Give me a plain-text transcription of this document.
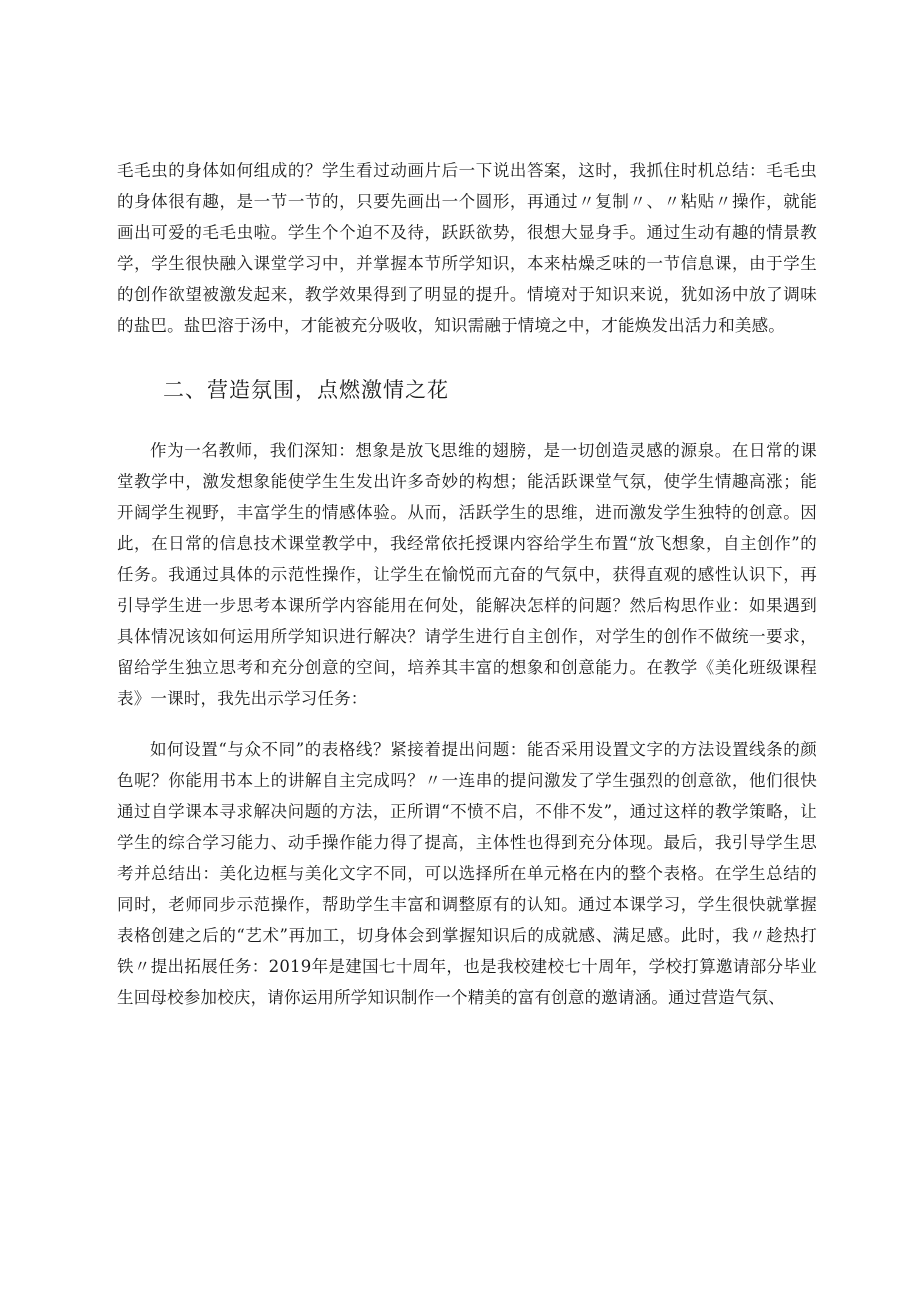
毛毛虫的身体如何组成的？学生看过动画片后一下说出答案，这时，我抓住时机总结：毛毛虫的身体很有趣，是一节一节的，只要先画出一个圆形，再通过〃复制〃、〃粘贴〃操作，就能画出可爱的毛毛虫啦。学生个个迫不及待，跃跃欲势，很想大显身手。通过生动有趣的情景教学，学生很快融入课堂学习中，并掌握本节所学知识，本来枯燥乏味的一节信息课，由于学生的创作欲望被激发起来，教学效果得到了明显的提升。情境对于知识来说，犹如汤中放了调味的盐巴。盐巴溶于汤中，才能被充分吸收，知识需融于情境之中，才能焕发出活力和美感。

二、营造氛围，点燃激情之花

作为一名教师，我们深知：想象是放飞思维的翅膀，是一切创造灵感的源泉。在日常的课堂教学中，激发想象能使学生生发出许多奇妙的构想；能活跃课堂气氛，使学生情趣高涨；能开阔学生视野，丰富学生的情感体验。从而，活跃学生的思维，进而激发学生独特的创意。因此，在日常的信息技术课堂教学中，我经常依托授课内容给学生布置“放飞想象，自主创作”的任务。我通过具体的示范性操作，让学生在愉悦而亢奋的气氛中，获得直观的感性认识下，再引导学生进一步思考本课所学内容能用在何处，能解决怎样的问题？然后构思作业：如果遇到具体情况该如何运用所学知识进行解决？请学生进行自主创作，对学生的创作不做统一要求，留给学生独立思考和充分创意的空间，培养其丰富的想象和创意能力。在教学《美化班级课程表》一课时，我先出示学习任务：

如何设置“与众不同”的表格线？紧接着提出问题：能否采用设置文字的方法设置线条的颜色呢？你能用书本上的讲解自主完成吗？〃一连串的提问激发了学生强烈的创意欲，他们很快通过自学课本寻求解决问题的方法，正所谓“不愤不启，不俳不发”，通过这样的教学策略，让学生的综合学习能力、动手操作能力得了提高，主体性也得到充分体现。最后，我引导学生思考并总结出：美化边框与美化文字不同，可以选择所在单元格在内的整个表格。在学生总结的同时，老师同步示范操作，帮助学生丰富和调整原有的认知。通过本课学习，学生很快就掌握表格创建之后的“艺术”再加工，切身体会到掌握知识后的成就感、满足感。此时，我〃趁热打铁〃提出拓展任务：2019年是建国七十周年，也是我校建校七十周年，学校打算邀请部分毕业生回母校参加校庆，请你运用所学知识制作一个精美的富有创意的邀请涵。通过营造气氛、
